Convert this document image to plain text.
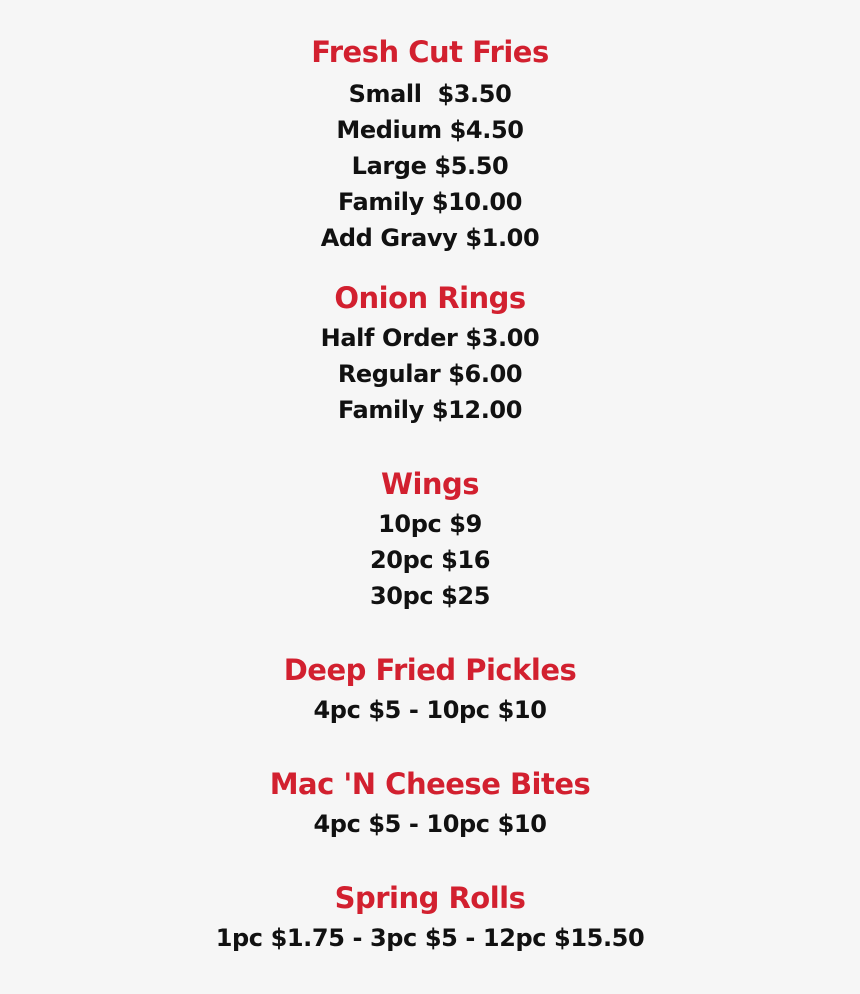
Fresh Cut Fries
Small  $3.50
Medium $4.50
Large $5.50
Family $10.00
Add Gravy $1.00
Onion Rings
Half Order $3.00
Regular $6.00
Family $12.00
Wings
10pc $9
20pc $16
30pc $25
Deep Fried Pickles
4pc $5 - 10pc $10
Mac 'N Cheese Bites
4pc $5 - 10pc $10
Spring Rolls
1pc $1.75 - 3pc $5 - 12pc $15.50
